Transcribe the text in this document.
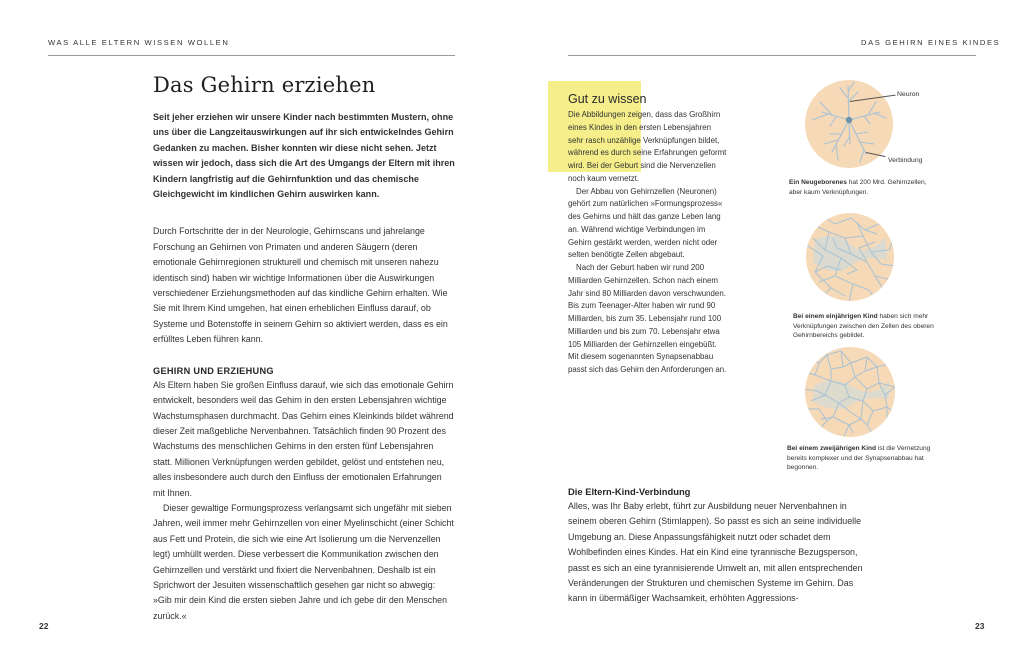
WAS ALLE ELTERN WISSEN WOLLEN	DAS GEHIRN EINES KINDES
Das Gehirn erziehen

Seit jeher erziehen wir unsere Kinder nach bestimmten Mustern, ohne uns über die Langzeitauswirkungen auf ihr sich entwickelndes Gehirn Gedanken zu machen. Bisher konnten wir diese nicht sehen. Jetzt wissen wir jedoch, dass sich die Art des Umgangs der Eltern mit ihren Kindern langfristig auf die Gehirnfunktion und das chemische Gleichgewicht im kindlichen Gehirn auswirken kann.

Durch Fortschritte der in der Neurologie, Gehirnscans und jahrelange Forschung an Gehirnen von Primaten und anderen Säugern (deren emotionale Gehirnregionen strukturell und chemisch mit unseren nahezu identisch sind) haben wir wichtige Informationen über die Auswirkungen verschiedener Erziehungsmethoden auf das kindliche Gehirn erhalten. Wie Sie mit Ihrem Kind umgehen, hat einen erheblichen Einfluss darauf, ob Systeme und Botenstoffe in seinem Gehirn so aktiviert werden, dass es ein erfülltes Leben führen kann.

GEHIRN UND ERZIEHUNG

Als Eltern haben Sie großen Einfluss darauf, wie sich das emotionale Gehirn entwickelt, besonders weil das Gehirn in den ersten Lebensjahren wichtige Wachstumsphasen durchmacht. Das Gehirn eines Kleinkinds bildet während dieser Zeit maßgebliche Nervenbahnen. Tatsächlich finden 90 Prozent des Wachstums des menschlichen Gehirns in den ersten fünf Lebensjahren statt. Millionen Verknüpfungen werden gebildet, gelöst und entstehen neu, alles insbesondere auch durch den Einfluss der emotionalen Erfahrungen mit Ihnen.

Dieser gewaltige Formungsprozess verlangsamt sich ungefähr mit sieben Jahren, weil immer mehr Gehirnzellen von einer Myelinschicht (einer Schicht aus Fett und Protein, die sich wie eine Art Isolierung um die Nervenzellen legt) umhüllt werden. Diese verbessert die Kommunikation zwischen den Gehirnzellen und verstärkt und fixiert die Nervenbahnen. Deshalb ist ein Sprichwort der Jesuiten wissenschaftlich gesehen gar nicht so abwegig: »Gib mir dein Kind die ersten sieben Jahre und ich gebe dir den Menschen zurück.«

22
Gut zu wissen

Die Abbildungen zeigen, dass das Großhirn eines Kindes in den ersten Lebensjahren sehr rasch unzählige Verknüpfungen bildet, während es durch seine Erfahrungen geformt wird. Bei der Geburt sind die Nervenzellen noch kaum vernetzt.

Der Abbau von Gehirnzellen (Neuronen) gehört zum natürlichen »Formungsprozess« des Gehirns und hält das ganze Leben lang an. Während wichtige Verbindungen im Gehirn gestärkt werden, werden nicht oder selten benötigte Zellen abgebaut.

Nach der Geburt haben wir rund 200 Milliarden Gehirnzellen. Schon nach einem Jahr sind 80 Milliarden davon verschwunden. Bis zum Teenager-Alter haben wir rund 90 Milliarden, bis zum 35. Lebensjahr rund 100 Milliarden und bis zum 70. Lebensjahr etwa 105 Milliarden der Gehirnzellen eingebüßt. Mit diesem sogenannten Synapsenabbau passt sich das Gehirn den Anforderungen an.

Neuron
Verbindung
Ein Neugeborenes hat 200 Mrd. Gehirnzellen, aber kaum Verknüpfungen.
Bei einem einjährigen Kind haben sich mehr Verknüpfungen zwischen den Zellen des oberen Gehirnbereichs gebildet.
Bei einem zweijährigen Kind ist die Vernetzung bereits komplexer und der Synapsenabbau hat begonnen.
Die Eltern-Kind-Verbindung

Alles, was Ihr Baby erlebt, führt zur Ausbildung neuer Nervenbahnen in seinem oberen Gehirn (Stirnlappen). So passt es sich an seine individuelle Umgebung an. Diese Anpassungsfähigkeit nutzt oder schadet dem Wohlbefinden eines Kindes. Hat ein Kind eine tyrannische Bezugsperson, passt es sich an eine tyrannisierende Umwelt an, mit allen entsprechenden Veränderungen der Strukturen und chemischen Systeme im Gehirn. Das kann in übermäßiger Wachsamkeit, erhöhten Aggressions-

23
